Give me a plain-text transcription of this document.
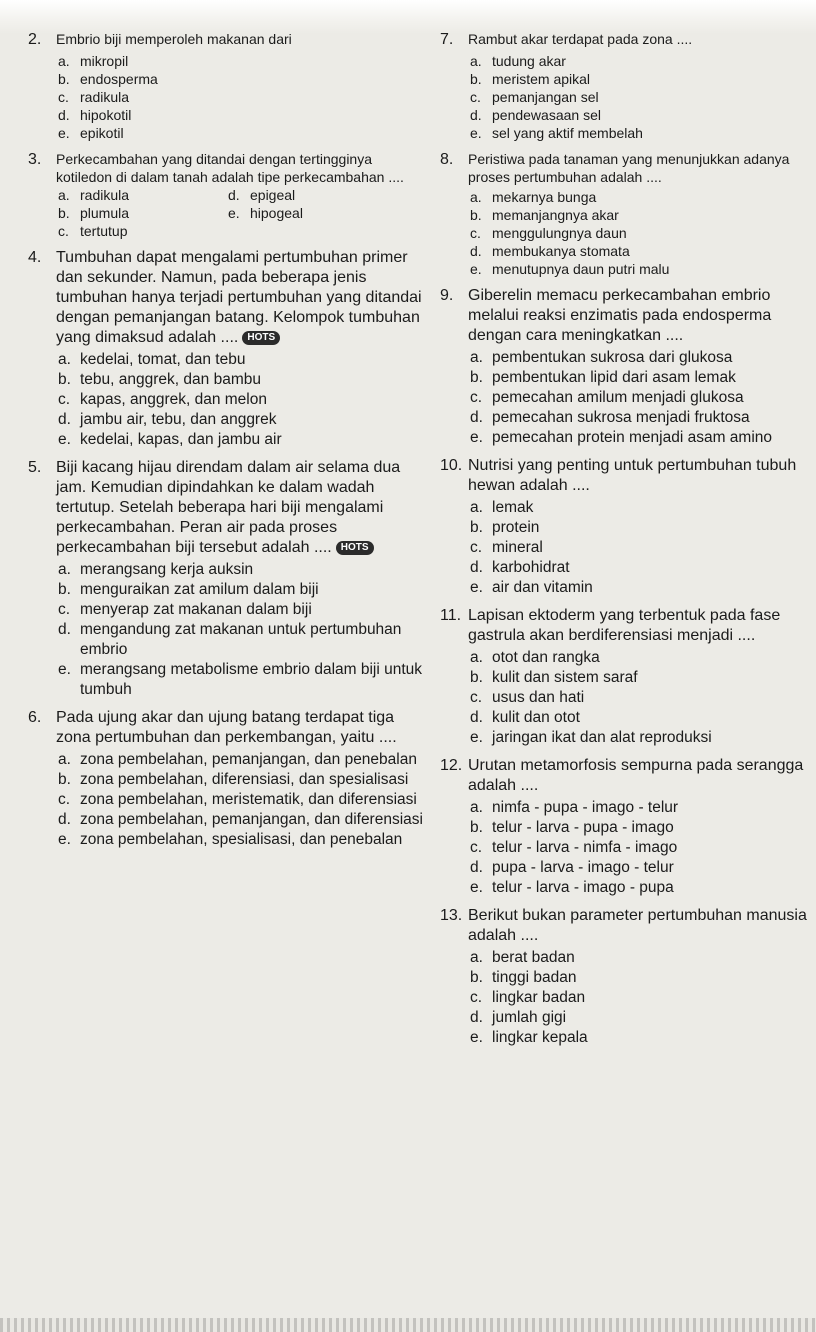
2.	Embrio biji memperoleh makanan dari
a. mikropil
b. endosperma
c. radikula
d. hipokotil
e. epikotil
3.	Perkecambahan yang ditandai dengan tertingginya kotiledon di dalam tanah adalah tipe perkecambahan ....
a. radikula	d. epigeal
b. plumula	e. hipogeal
c. tertutup
4. Tumbuhan dapat mengalami pertumbuhan primer dan sekunder. Namun, pada beberapa jenis tumbuhan hanya terjadi pertumbuhan yang ditandai dengan pemanjangan batang. Kelompok tumbuhan yang dimaksud adalah .... HOTS
a. kedelai, tomat, dan tebu
b. tebu, anggrek, dan bambu
c. kapas, anggrek, dan melon
d. jambu air, tebu, dan anggrek
e. kedelai, kapas, dan jambu air
5. Biji kacang hijau direndam dalam air selama dua jam. Kemudian dipindahkan ke dalam wadah tertutup. Setelah beberapa hari biji mengalami perkecambahan. Peran air pada proses perkecambahan biji tersebut adalah .... HOTS
a. merangsang kerja auksin
b. menguraikan zat amilum dalam biji
c. menyerap zat makanan dalam biji
d. mengandung zat makanan untuk pertumbuhan embrio
e. merangsang metabolisme embrio dalam biji untuk tumbuh
6. Pada ujung akar dan ujung batang terdapat tiga zona pertumbuhan dan perkembangan, yaitu ....
a. zona pembelahan, pemanjangan, dan penebalan
b. zona pembelahan, diferensiasi, dan spesialisasi
c. zona pembelahan, meristematik, dan diferensiasi
d. zona pembelahan, pemanjangan, dan diferensiasi
e. zona pembelahan, spesialisasi, dan penebalan
7.	Rambut akar terdapat pada zona ....
a. tudung akar
b. meristem apikal
c. pemanjangan sel
d. pendewasaan sel
e. sel yang aktif membelah
8.	Peristiwa pada tanaman yang menunjukkan adanya proses pertumbuhan adalah ....
a. mekarnya bunga
b. memanjangnya akar
c. menggulungnya daun
d. membukanya stomata
e. menutupnya daun putri malu
9. Giberelin memacu perkecambahan embrio melalui reaksi enzimatis pada endosperma dengan cara meningkatkan ....
a. pembentukan sukrosa dari glukosa
b. pembentukan lipid dari asam lemak
c. pemecahan amilum menjadi glukosa
d. pemecahan sukrosa menjadi fruktosa
e. pemecahan protein menjadi asam amino
10. Nutrisi yang penting untuk pertumbuhan tubuh hewan adalah ....
a. lemak
b. protein
c. mineral
d. karbohidrat
e. air dan vitamin
11. Lapisan ektoderm yang terbentuk pada fase gastrula akan berdiferensiasi menjadi ....
a. otot dan rangka
b. kulit dan sistem saraf
c. usus dan hati
d. kulit dan otot
e. jaringan ikat dan alat reproduksi
12. Urutan metamorfosis sempurna pada serangga adalah ....
a. nimfa - pupa - imago - telur
b. telur - larva - pupa - imago
c. telur - larva - nimfa - imago
d. pupa - larva - imago - telur
e. telur - larva - imago - pupa
13. Berikut bukan parameter pertumbuhan manusia adalah ....
a. berat badan
b. tinggi badan
c. lingkar badan
d. jumlah gigi
e. lingkar kepala
